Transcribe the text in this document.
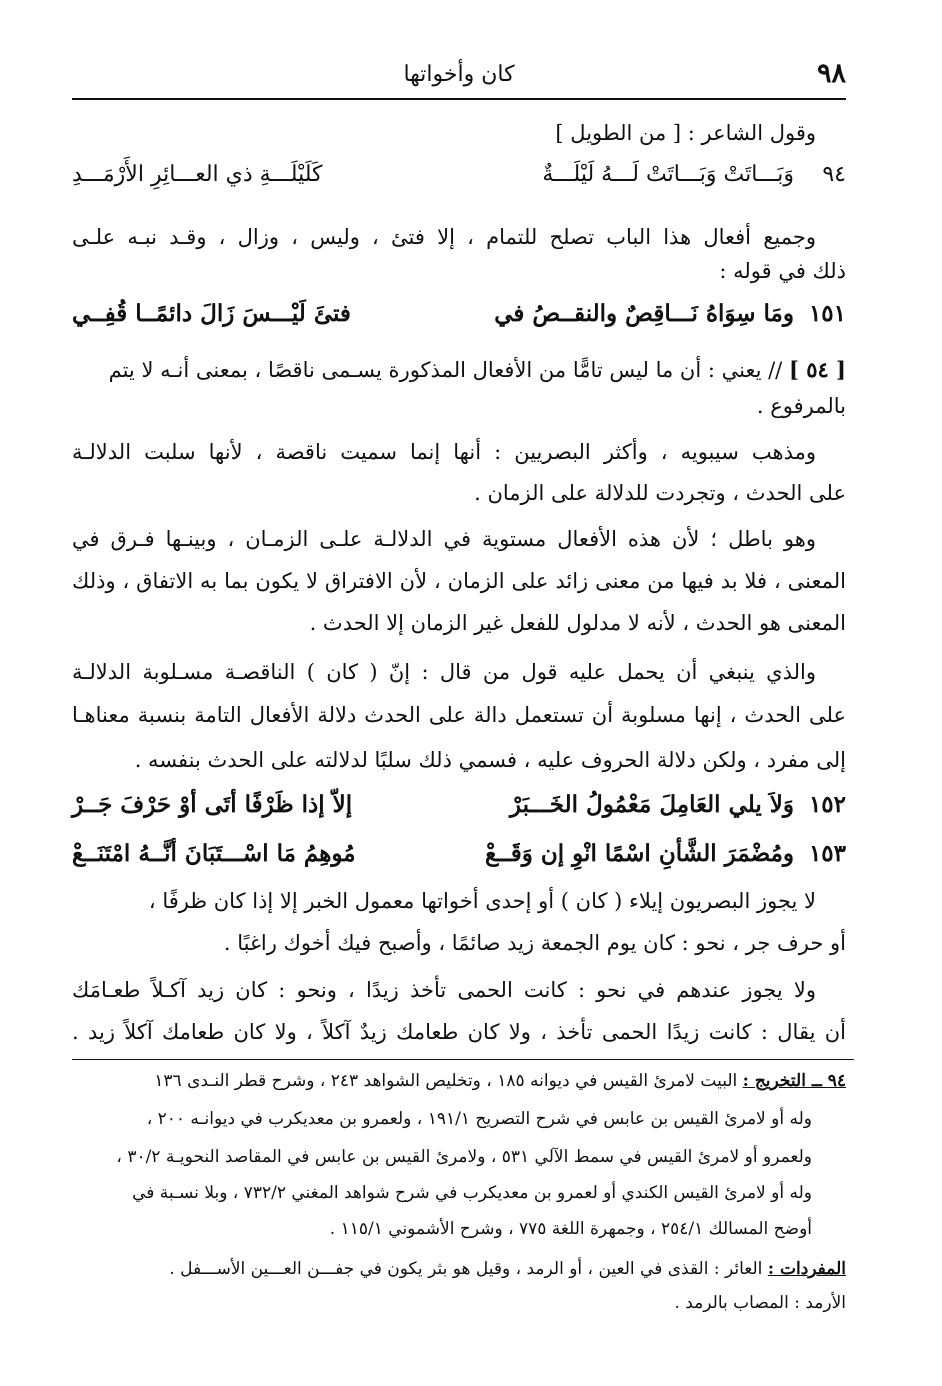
٩٨
كان وأخواتها
وقول الشاعر : [ من الطويل ]
٩٤
وَبَـــاتَتْ وَبَـــاتَتْ لَـــهُ لَيْلَـــةٌ
كَلَيْلَـــةِ ذي العـــائِرِ الأَرْمَـــدِ
وجميع أفعال هذا الباب تصلح للتمام ، إلا فتئ ، وليس ، وزال ، وقـد نبـه علـى
ذلك في قوله :
١٥١
ومَا سِوَاهُ نَـــاقِصٌ والنقــصُ في
فتئَ لَيْـــسَ زَالَ دائمًــا قُفِــي
[ ٥٤ ] // يعني : أن ما ليس تامًّا من الأفعال المذكورة يسـمى ناقصًا ، بمعنى أنـه لا يتم
بالمرفوع .
ومذهب سيبويه ، وأكثر البصريين : أنها إنما سميت ناقصة ، لأنها سلبت الدلالـة
على الحدث ، وتجردت للدلالة على الزمان .
وهو باطل ؛ لأن هذه الأفعال مستوية في الدلالـة علـى الزمـان ، وبينـها فـرق في
المعنى ، فلا بد فيها من معنى زائد على الزمان ، لأن الافتراق لا يكون بما به الاتفاق ، وذلك
المعنى هو الحدث ، لأنه لا مدلول للفعل غير الزمان إلا الحدث .
والذي ينبغي أن يحمل عليه قول من قال : إنّ ( كان ) الناقصـة مسـلوبة الدلالـة
على الحدث ، إنها مسلوبة أن تستعمل دالة على الحدث دلالة الأفعال التامة بنسبة معناهـا
إلى مفرد ، ولكن دلالة الحروف عليه ، فسمي ذلك سلبًا لدلالته على الحدث بنفسه .
١٥٢
وَلاَ يلي العَامِلَ مَعْمُولُ الخَـــبَرْ
إلاّ إذا ظَرْفًا أتَى أوْ حَرْفَ جَــرْ
١٥٣
ومُضْمَرَ الشَّأنِ اسْمًا انْوِ إن وَقَــعْ
مُوهِمُ مَا اسْـــتَبَانَ أنَّــهُ امْتَنَــعْ
لا يجوز البصريون إيلاء ( كان ) أو إحدى أخواتها معمول الخبر إلا إذا كان ظرفًا ،
أو حرف جر ، نحو : كان يوم الجمعة زيد صائمًا ، وأصبح فيك أخوك راغبًا .
ولا يجوز عندهم في نحو : كانت الحمى تأخذ زيدًا ، ونحو : كان زيد آكـلاً طعـامَك
أن يقال : كانت زيدًا الحمى تأخذ ، ولا كان طعامك زيدٌ آكلاً ، ولا كان طعامك آكلاً زيد .
٩٤ ــ التخريج : البيت لامرئ القيس في ديوانه ١٨٥ ، وتخليص الشواهد ٢٤٣ ، وشرح قطر النـدى ١٣٦
وله أو لامرئ القيس بن عابس في شرح التصريح ١٩١/١ ، ولعمرو بن معديكرب في ديوانـه ٢٠٠ ،
ولعمرو أو لامرئ القيس في سمط الآلي ٥٣١ ، ولامرئ القيس بن عابس في المقاصد النحويـة ٣٠/٢ ،
وله أو لامرئ القيس الكندي أو لعمرو بن معديكرب في شرح شواهد المغني ٧٣٢/٢ ، وبلا نسـبة في
أوضح المسالك ٢٥٤/١ ، وجمهرة اللغة ٧٧٥ ، وشرح الأشموني ١١٥/١ .
المفردات : العائر : القذى في العين ، أو الرمد ، وقيل هو بثر يكون في جفـــن العـــين الأســـفل .
الأرمد : المصاب بالرمد .
